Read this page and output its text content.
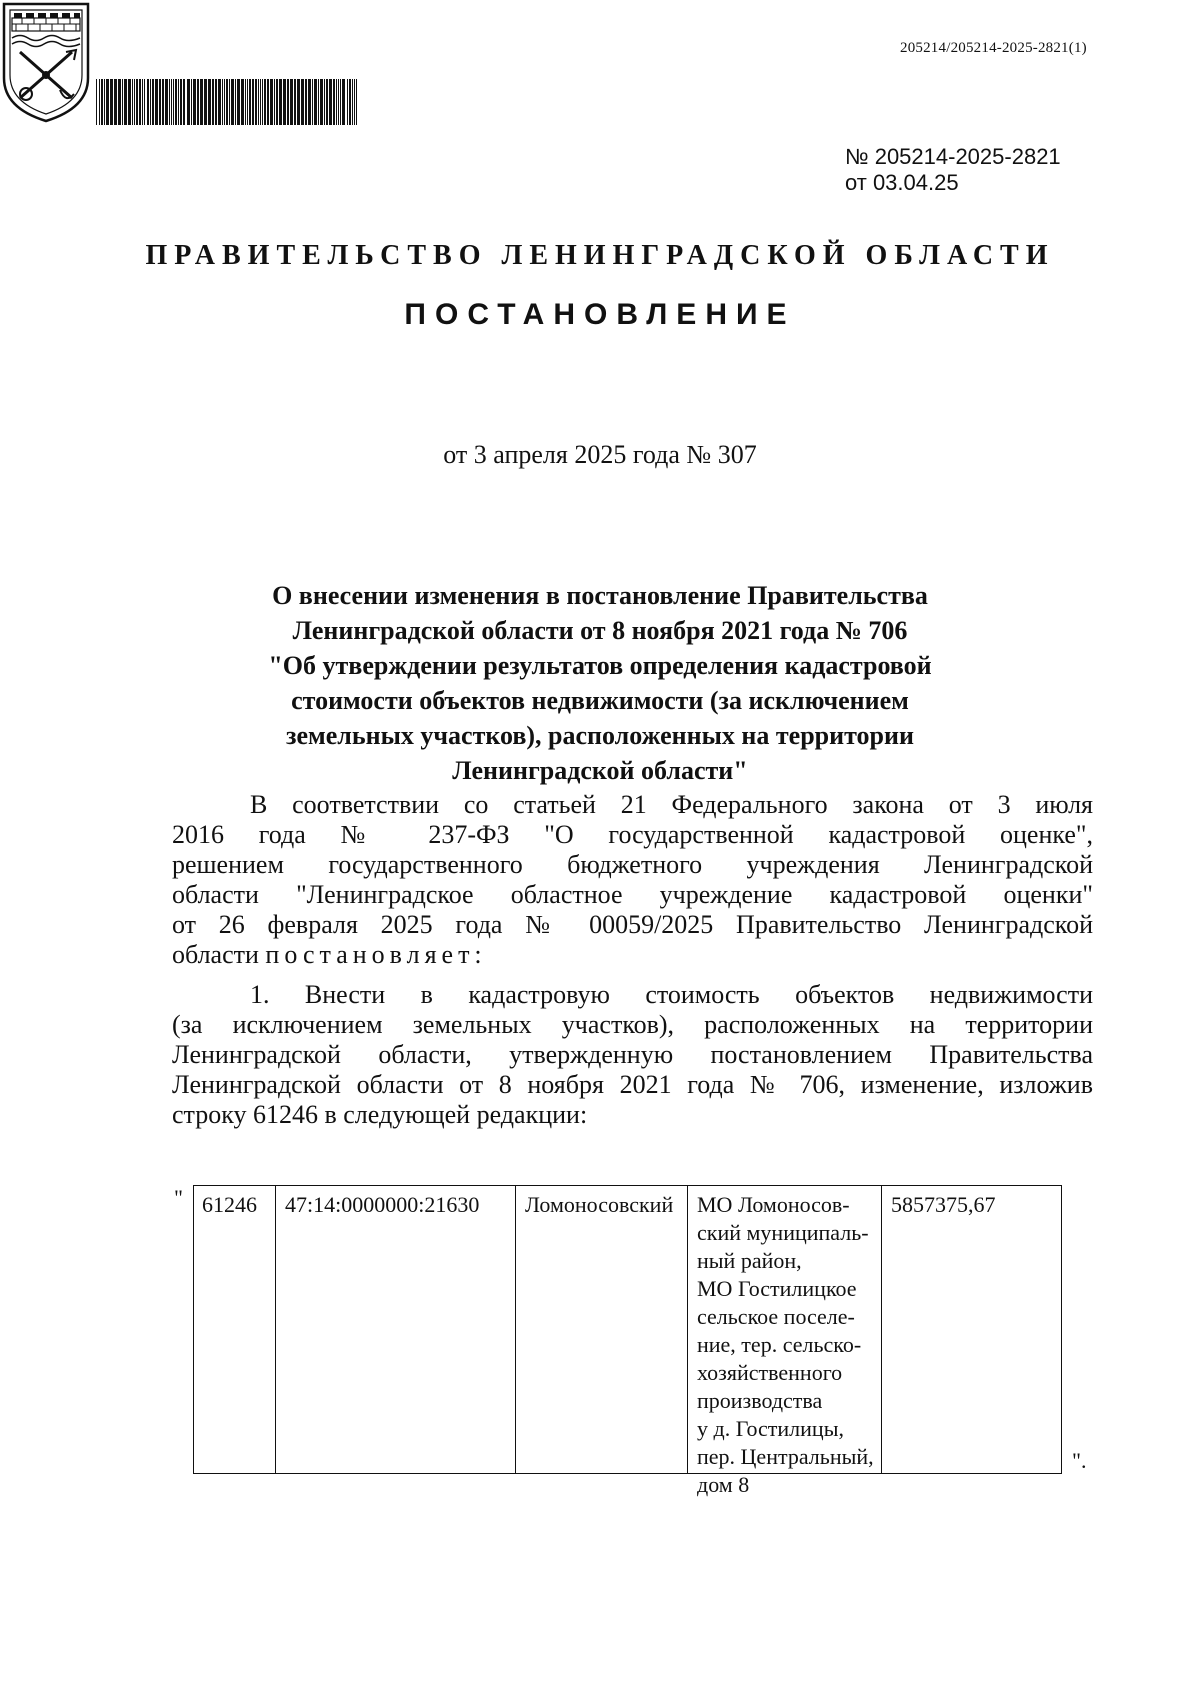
205214/205214-2025-2821(1)

№ 205214-2025-2821
от 03.04.25
ПРАВИТЕЛЬСТВО ЛЕНИНГРАДСКОЙ ОБЛАСТИ
ПОСТАНОВЛЕНИЕ
от 3 апреля 2025 года № 307
О внесении изменения в постановление Правительства
Ленинградской области от 8 ноября 2021 года № 706
"Об утверждении результатов определения кадастровой
стоимости объектов недвижимости (за исключением
земельных участков), расположенных на территории
Ленинградской области"
В соответствии со статьей 21 Федерального закона от 3 июля
2016 года № 237-ФЗ "О государственной кадастровой оценке",
решением государственного бюджетного учреждения Ленинградской
области "Ленинградское областное учреждение кадастровой оценки"
от 26 февраля 2025 года № 00059/2025 Правительство Ленинградской
области постановляет:
1. Внести в кадастровую стоимость объектов недвижимости
(за исключением земельных участков), расположенных на территории
Ленинградской области, утвержденную постановлением Правительства
Ленинградской области от 8 ноября 2021 года № 706, изменение, изложив
строку 61246 в следующей редакции:
" 61246 47:14:0000000:21630 Ломоносовский МО Ломоносов-
ский муниципаль-
ный район,
МО Гостилицкое
сельское поселе-
ние, тер. сельско-
хозяйственного
производства
у д. Гостилицы,
пер. Центральный,
дом 8
5857375,67
".
